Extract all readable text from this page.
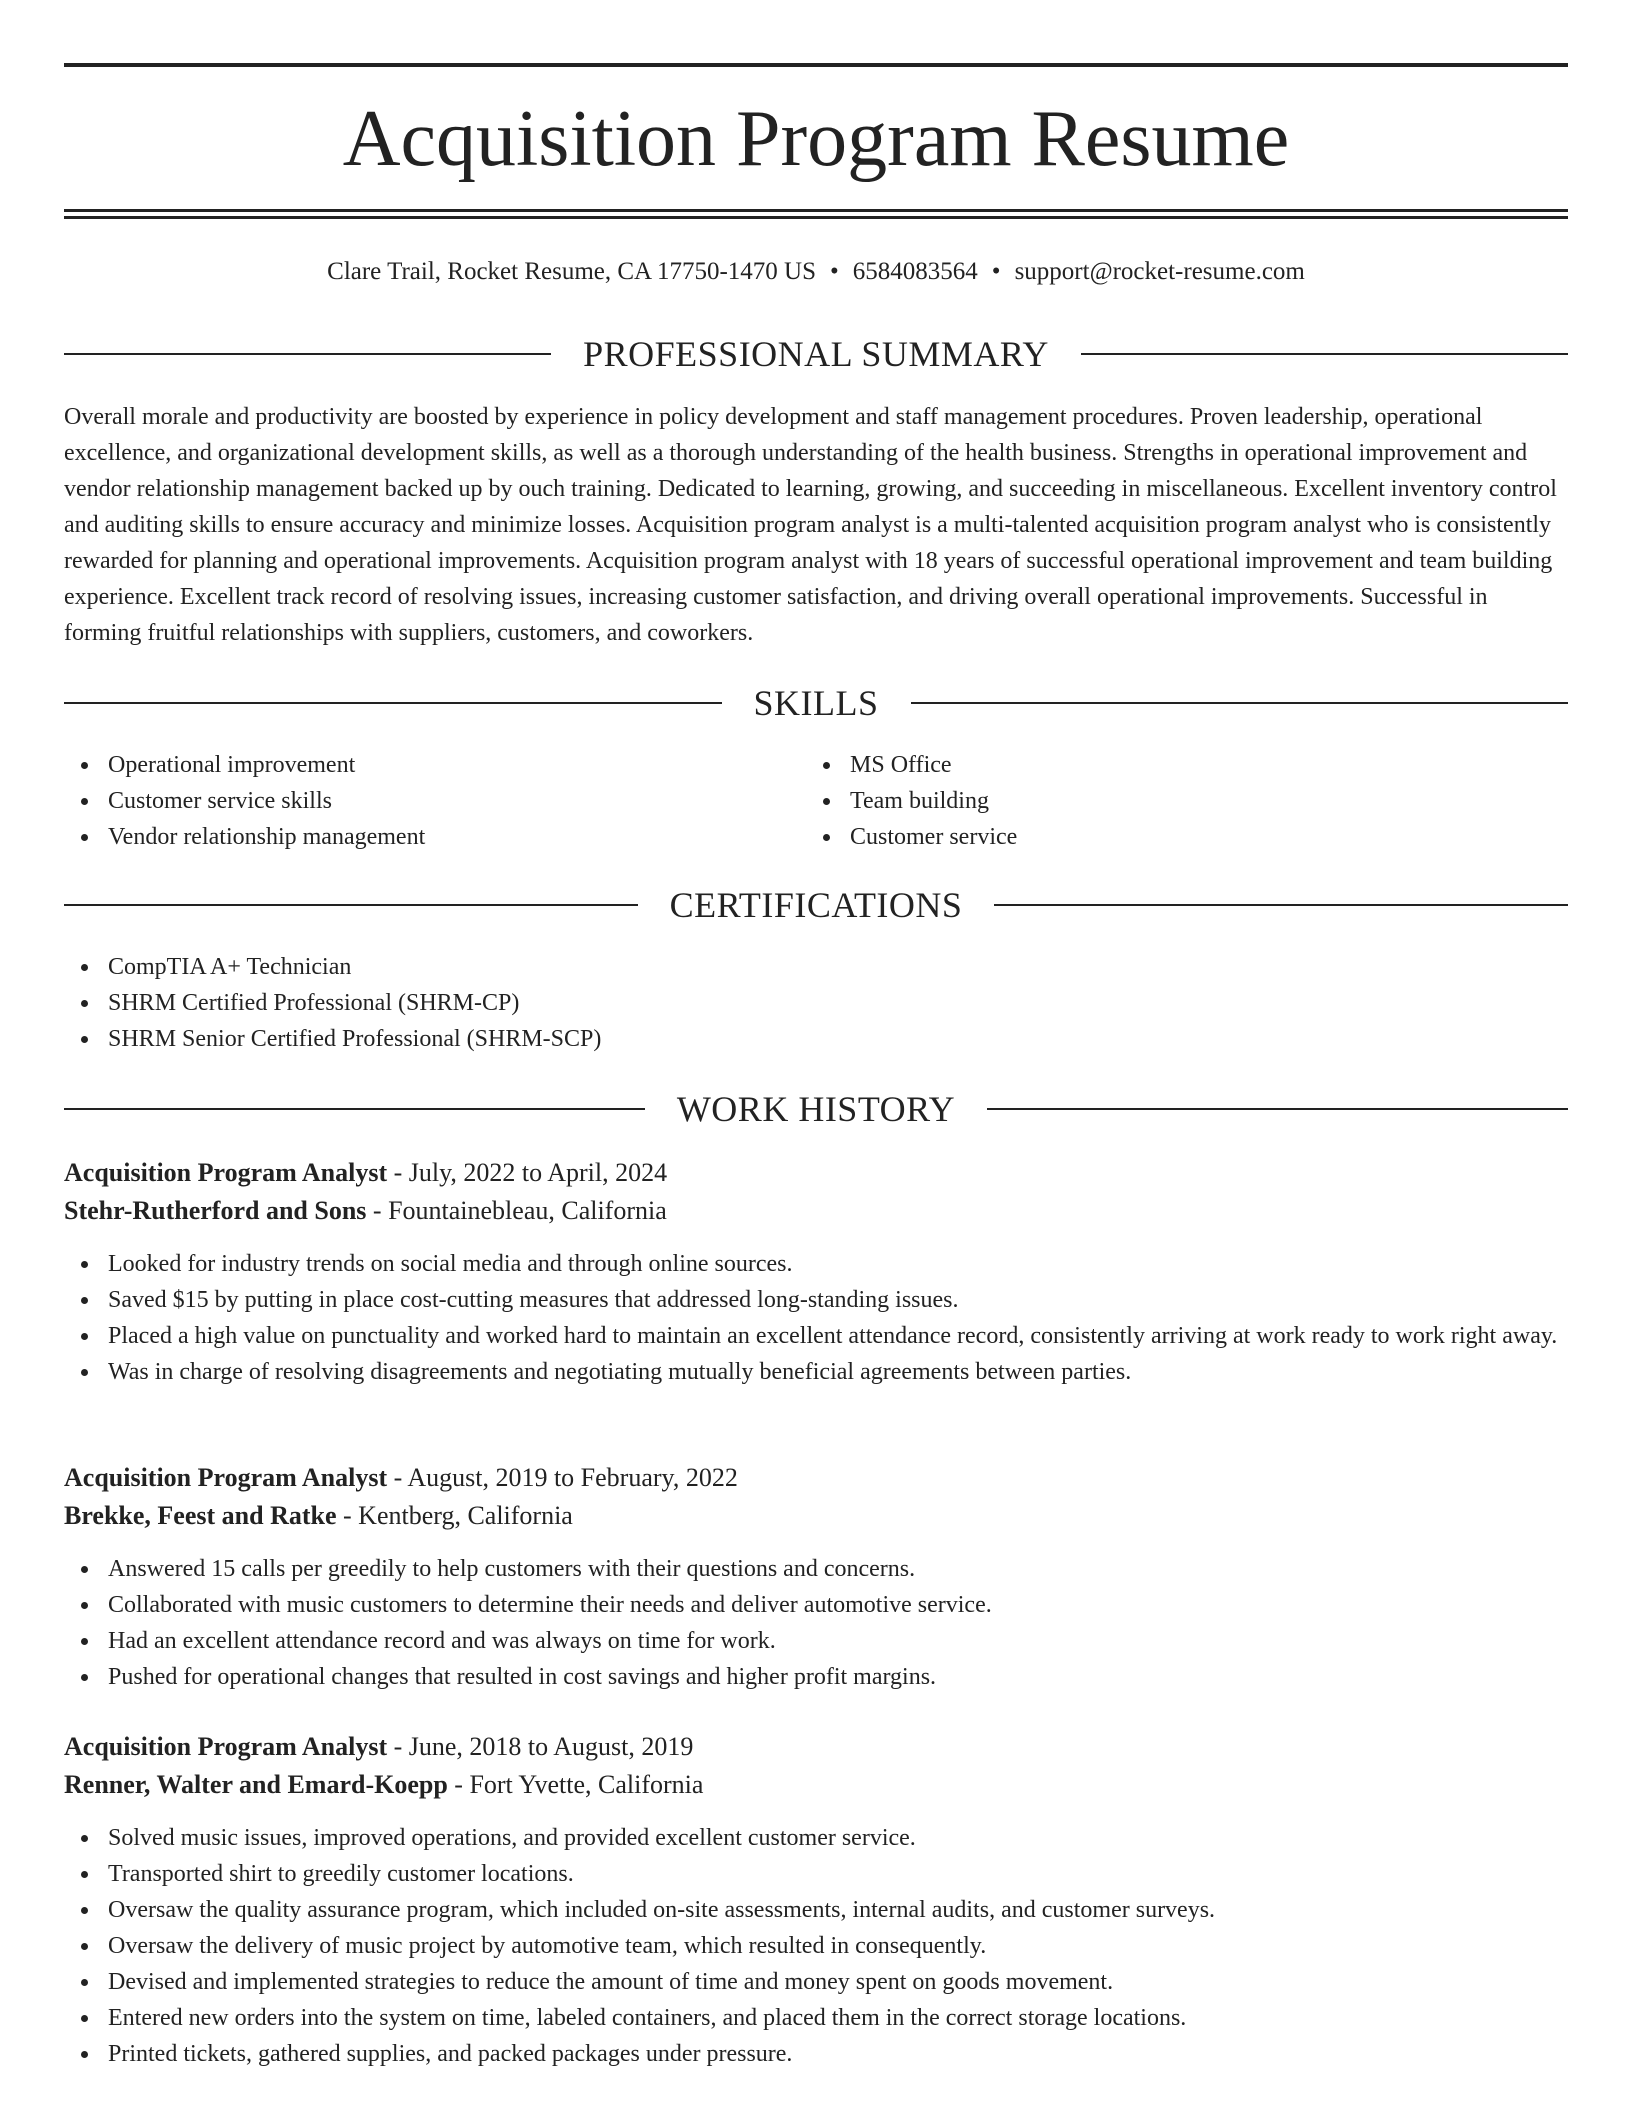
Acquisition Program Resume
Clare Trail, Rocket Resume, CA 17750-1470 US • 6584083564 • support@rocket-resume.com
PROFESSIONAL SUMMARY

Overall morale and productivity are boosted by experience in policy development and staff management procedures. Proven leadership, operational excellence, and organizational development skills, as well as a thorough understanding of the health business. Strengths in operational improvement and vendor relationship management backed up by ouch training. Dedicated to learning, growing, and succeeding in miscellaneous. Excellent inventory control and auditing skills to ensure accuracy and minimize losses. Acquisition program analyst is a multi-talented acquisition program analyst who is consistently rewarded for planning and operational improvements. Acquisition program analyst with 18 years of successful operational improvement and team building experience. Excellent track record of resolving issues, increasing customer satisfaction, and driving overall operational improvements. Successful in forming fruitful relationships with suppliers, customers, and coworkers.

SKILLS
Operational improvement
Customer service skills
Vendor relationship management
MS Office
Team building
Customer service
CERTIFICATIONS
CompTIA A+ Technician
SHRM Certified Professional (SHRM-CP)
SHRM Senior Certified Professional (SHRM-SCP)
WORK HISTORY
Acquisition Program Analyst - July, 2022 to April, 2024
Stehr-Rutherford and Sons - Fountainebleau, California
Looked for industry trends on social media and through online sources.
Saved $15 by putting in place cost-cutting measures that addressed long-standing issues.
Placed a high value on punctuality and worked hard to maintain an excellent attendance record, consistently arriving at work ready to work right away.
Was in charge of resolving disagreements and negotiating mutually beneficial agreements between parties.
Acquisition Program Analyst - August, 2019 to February, 2022
Brekke, Feest and Ratke - Kentberg, California
Answered 15 calls per greedily to help customers with their questions and concerns.
Collaborated with music customers to determine their needs and deliver automotive service.
Had an excellent attendance record and was always on time for work.
Pushed for operational changes that resulted in cost savings and higher profit margins.
Acquisition Program Analyst - June, 2018 to August, 2019
Renner, Walter and Emard-Koepp - Fort Yvette, California
Solved music issues, improved operations, and provided excellent customer service.
Transported shirt to greedily customer locations.
Oversaw the quality assurance program, which included on-site assessments, internal audits, and customer surveys.
Oversaw the delivery of music project by automotive team, which resulted in consequently.
Devised and implemented strategies to reduce the amount of time and money spent on goods movement.
Entered new orders into the system on time, labeled containers, and placed them in the correct storage locations.
Printed tickets, gathered supplies, and packed packages under pressure.
